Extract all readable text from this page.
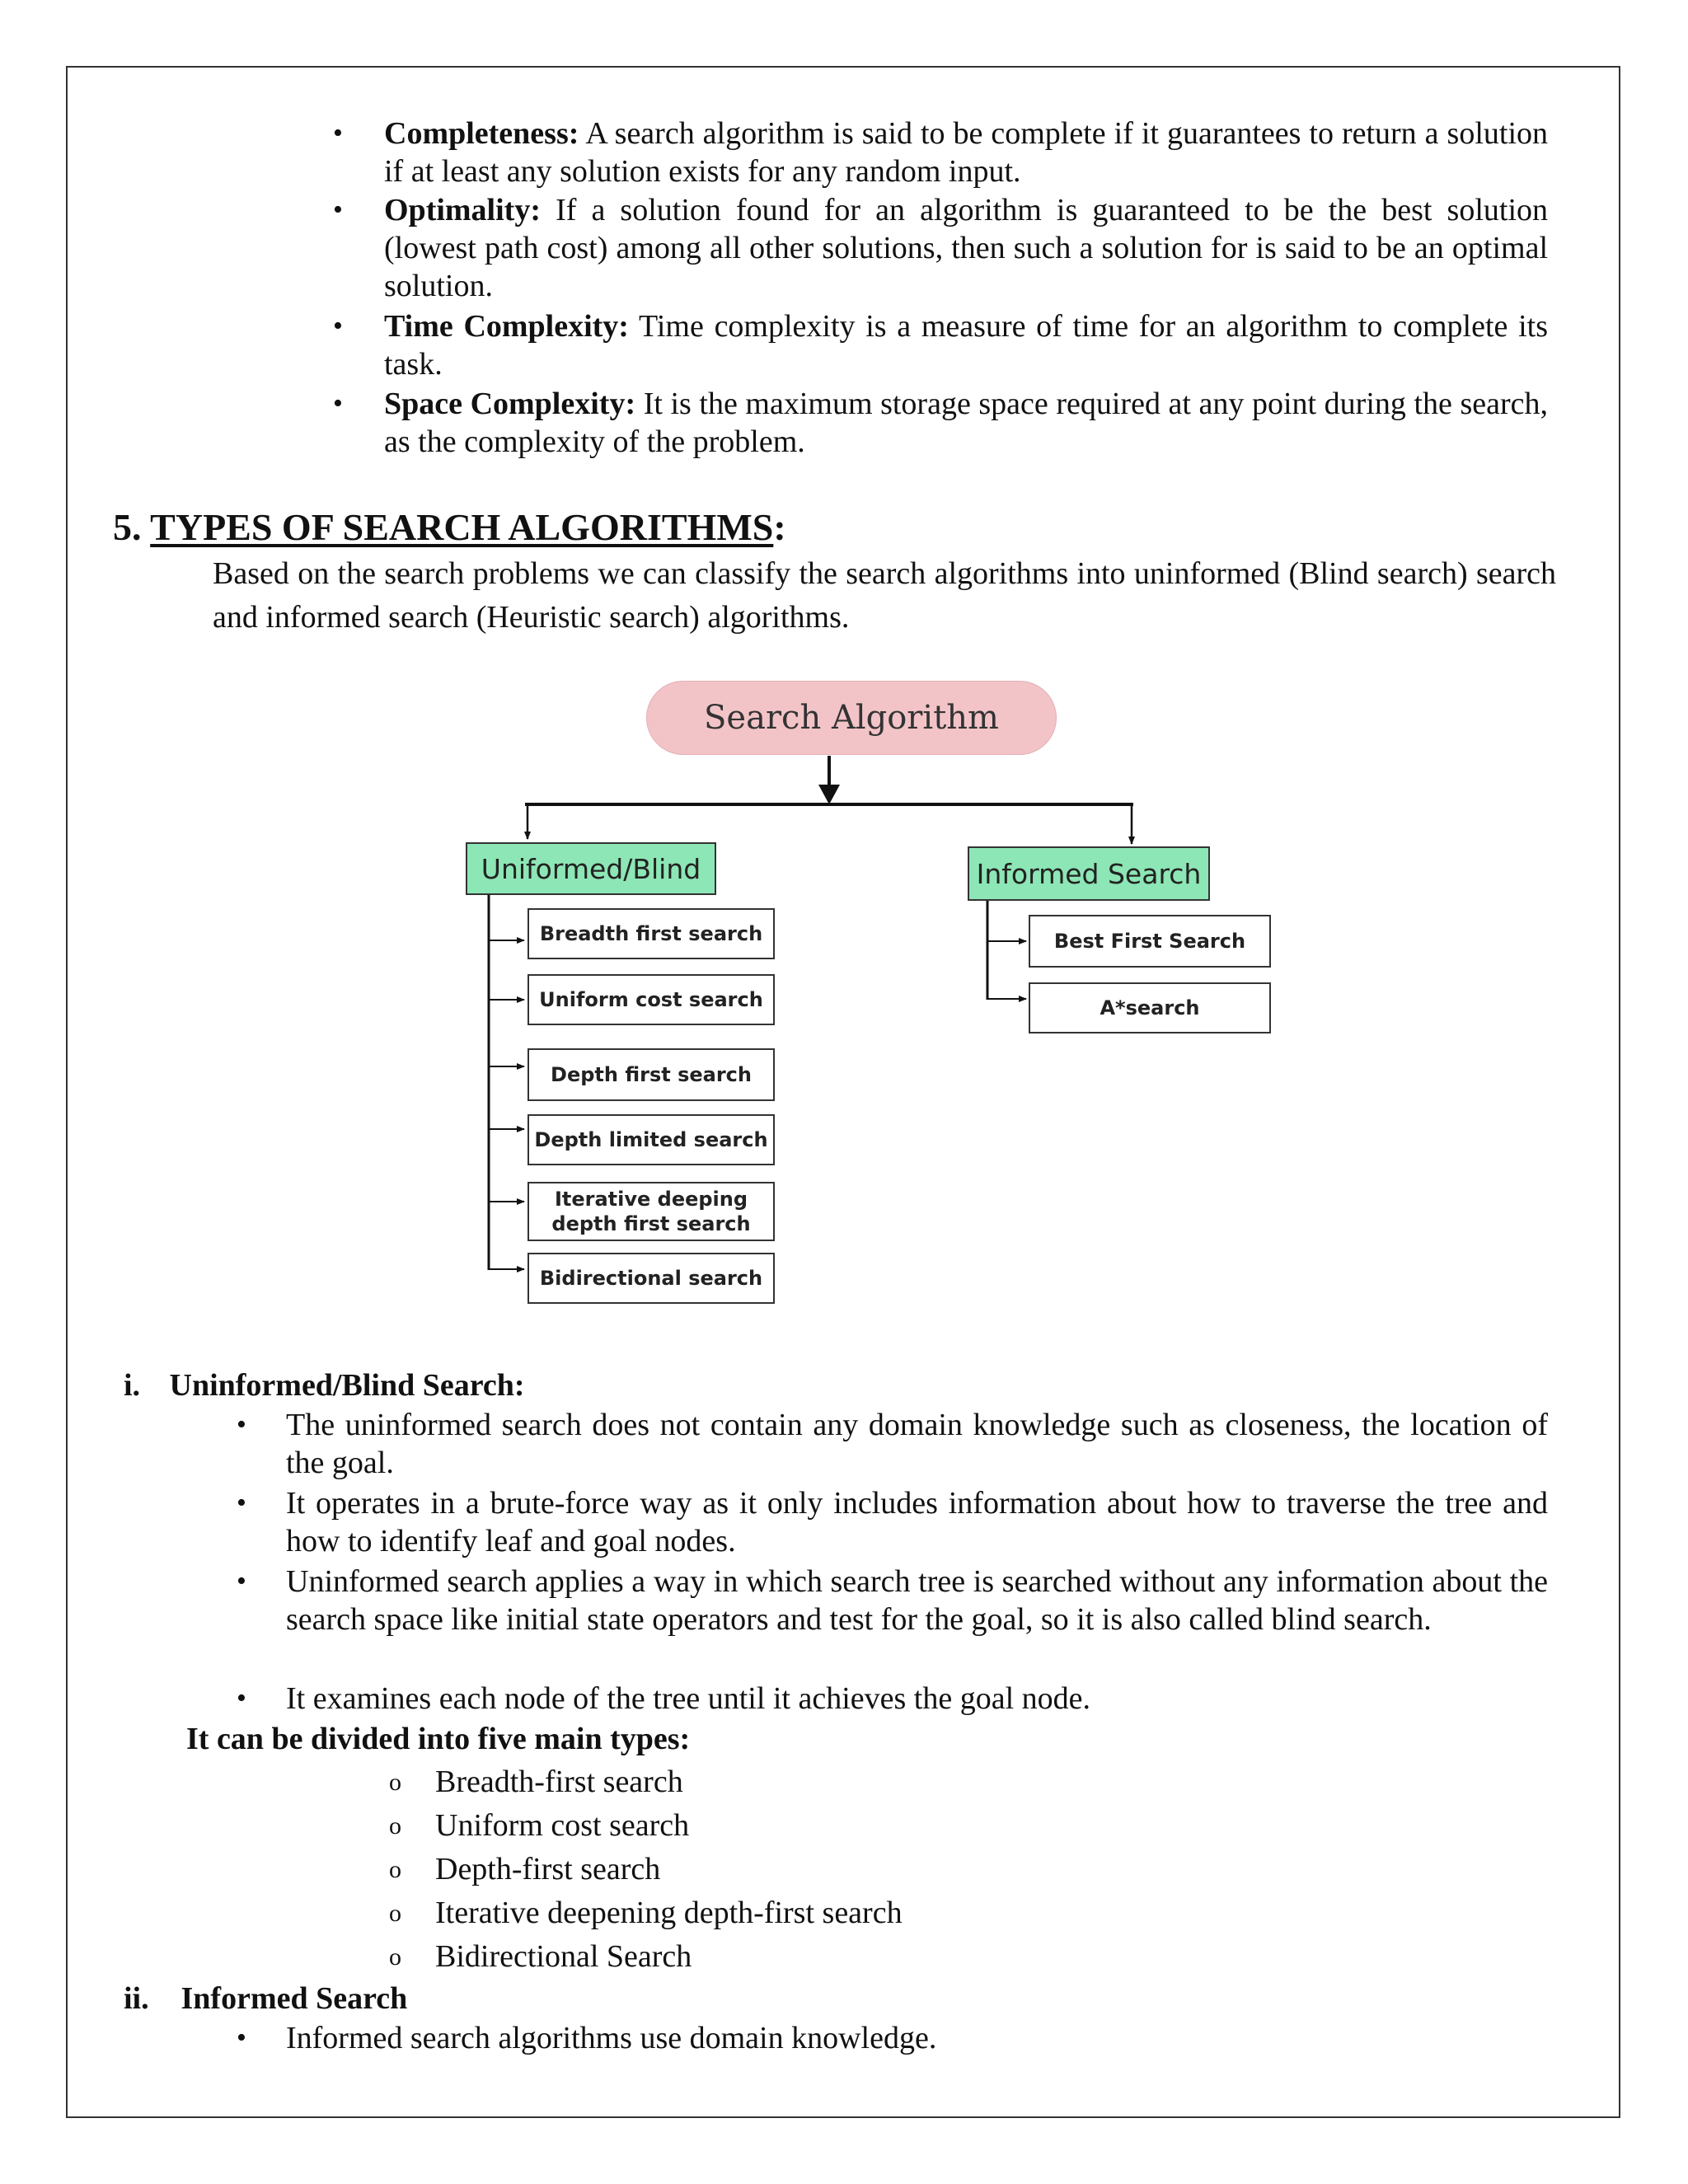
• Completeness: A search algorithm is said to be complete if it guarantees to return a solution if at least any solution exists for any random input.
• Optimality: If a solution found for an algorithm is guaranteed to be the best solution (lowest path cost) among all other solutions, then such a solution for is said to be an optimal solution.
• Time Complexity: Time complexity is a measure of time for an algorithm to complete its task.
• Space Complexity: It is the maximum storage space required at any point during the search, as the complexity of the problem.
5. TYPES OF SEARCH ALGORITHMS:
Based on the search problems we can classify the search algorithms into uninformed (Blind search) search and informed search (Heuristic search) algorithms.
Search Algorithm
Uniformed/Blind	Informed Search
Breadth first search
Uniform cost search
Depth first search
Depth limited search
Iterative deeping depth first search
Bidirectional search
Best First Search
A*search
i. Uninformed/Blind Search:
• The uninformed search does not contain any domain knowledge such as closeness, the location of the goal.
• It operates in a brute-force way as it only includes information about how to traverse the tree and how to identify leaf and goal nodes.
• Uninformed search applies a way in which search tree is searched without any information about the search space like initial state operators and test for the goal, so it is also called blind search.
• It examines each node of the tree until it achieves the goal node.
It can be divided into five main types:
o Breadth-first search
o Uniform cost search
o Depth-first search
o Iterative deepening depth-first search
o Bidirectional Search
ii. Informed Search
• Informed search algorithms use domain knowledge.
